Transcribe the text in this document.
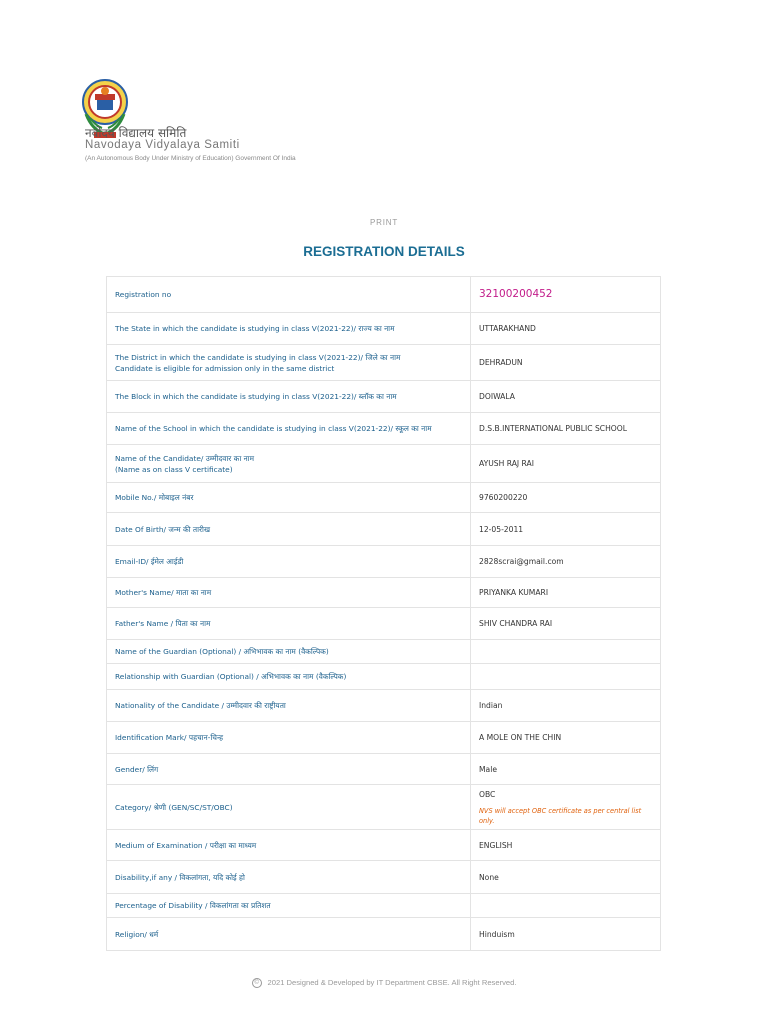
नवोदय विद्यालय समिति
Navodaya Vidyalaya Samiti
(An Autonomous Body Under Ministry of Education) Government Of India
PRINT
REGISTRATION DETAILS
Registration no	32100200452

The State in which the candidate is studying in class V(2021-22)/ राज्य का नाम	UTTARAKHAND

The District in which the candidate is studying in class V(2021-22)/ जिले का नाम
Candidate is eligible for admission only in the same district	DEHRADUN

The Block in which the candidate is studying in class V(2021-22)/ ब्लॉक का नाम	DOIWALA

Name of the School in which the candidate is studying in class V(2021-22)/ स्कूल का नाम	D.S.B.INTERNATIONAL PUBLIC SCHOOL

Name of the Candidate/ उम्मीदवार का नाम
(Name as on class V certificate)	AYUSH RAJ RAI

Mobile No./ मोबाइल नंबर	9760200220

Date Of Birth/ जन्म की तारीख	12-05-2011

Email-ID/ ईमेल आईडी	2828scrai@gmail.com

Mother's Name/ माता का नाम	PRIYANKA KUMARI

Father's Name / पिता का नाम	SHIV CHANDRA RAI

Name of the Guardian (Optional) / अभिभावक का नाम (वैकल्पिक)	

Relationship with Guardian (Optional) / अभिभावक का नाम (वैकल्पिक)	

Nationality of the Candidate / उम्मीदवार की राष्ट्रीयता	Indian

Identification Mark/ पहचान-चिन्ह	A MOLE ON THE CHIN

Gender/ लिंग	Male

Category/ श्रेणी (GEN/SC/ST/OBC)	OBC
NVS will accept OBC certificate as per central list only.

Medium of Examination / परीक्षा का माध्यम	ENGLISH

Disability,if any / विकलांगता, यदि कोई हो	None

Percentage of Disability / विकलांगता का प्रतिशत	

Religion/ धर्म	Hinduism
© 2021 Designed & Developed by IT Department CBSE. All Right Reserved.
